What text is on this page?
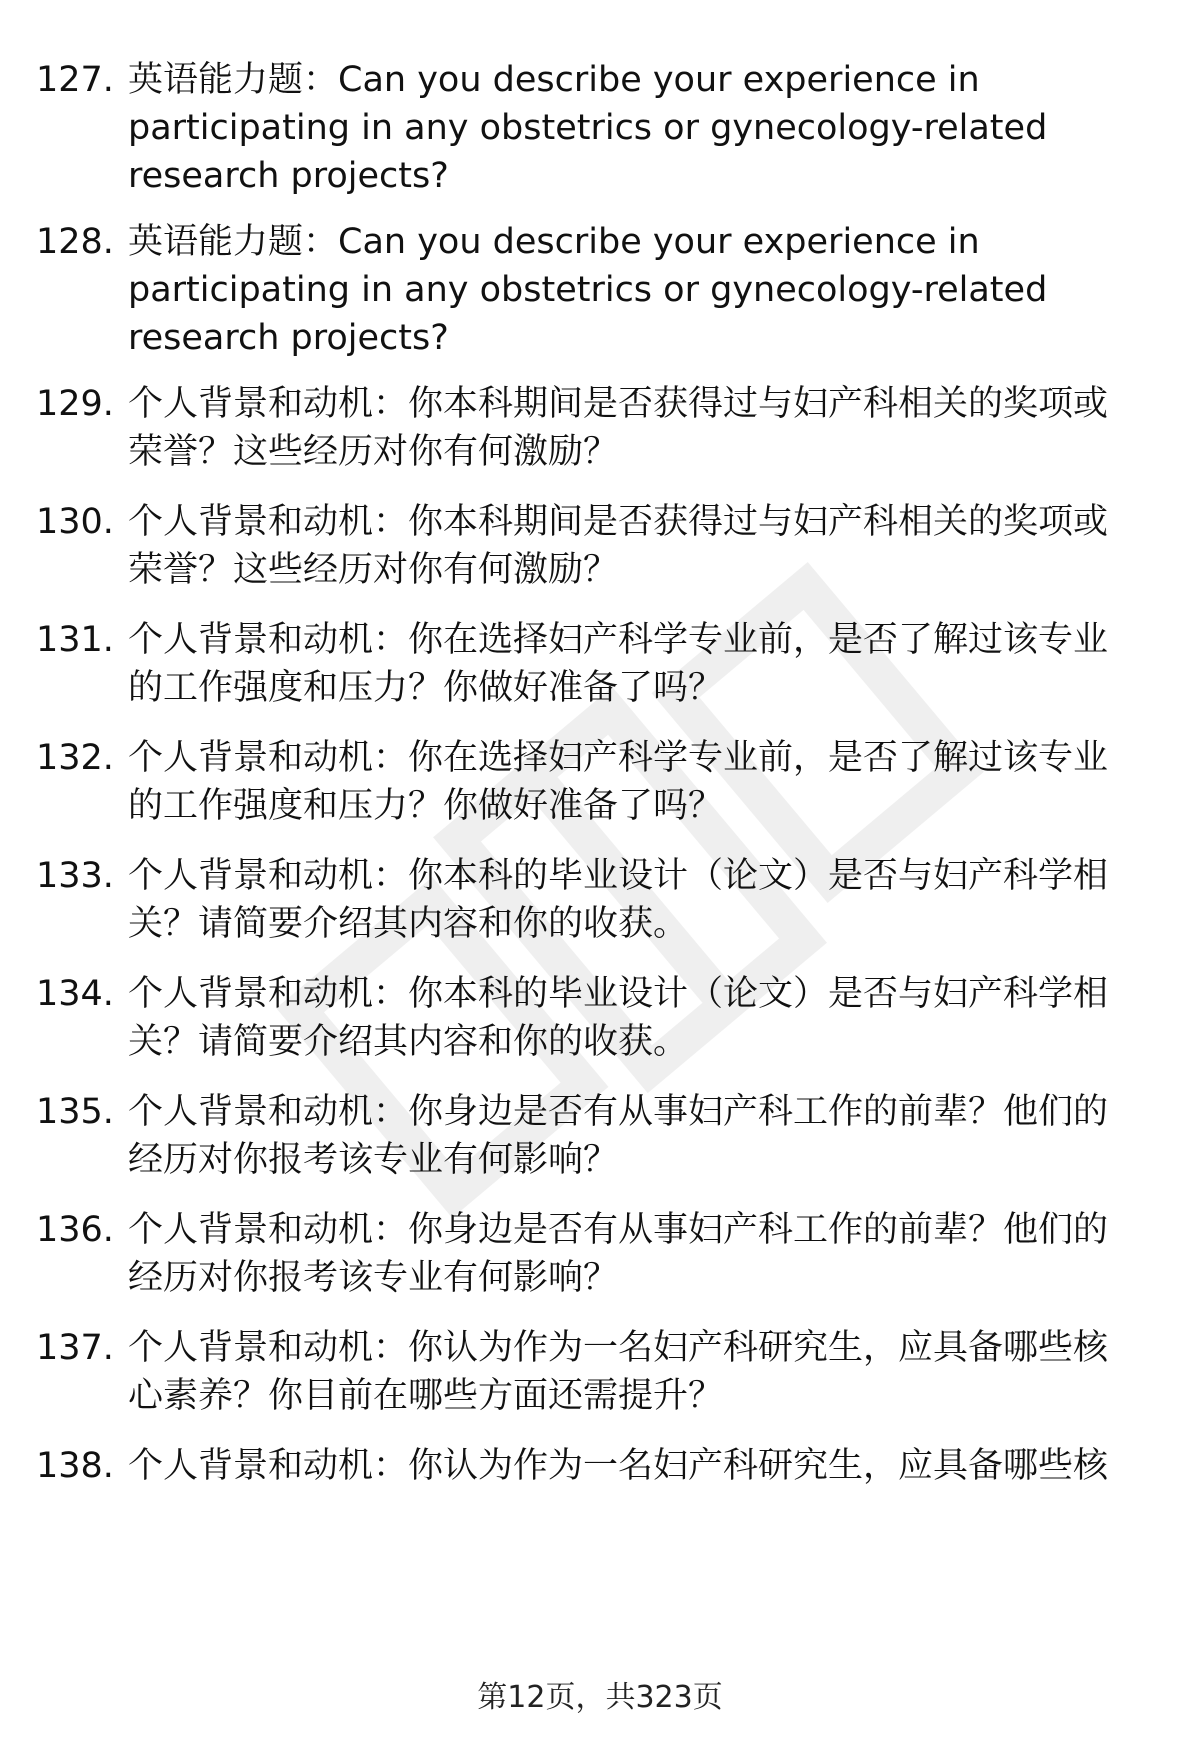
127. 英语能力题：Can you describe your experience in
participating in any obstetrics or gynecology-related
research projects?
128. 英语能力题：Can you describe your experience in
participating in any obstetrics or gynecology-related
research projects?
129. 个人背景和动机：你本科期间是否获得过与妇产科相关的奖项或
荣誉？这些经历对你有何激励？
130. 个人背景和动机：你本科期间是否获得过与妇产科相关的奖项或
荣誉？这些经历对你有何激励？
131. 个人背景和动机：你在选择妇产科学专业前，是否了解过该专业
的工作强度和压力？你做好准备了吗？
132. 个人背景和动机：你在选择妇产科学专业前，是否了解过该专业
的工作强度和压力？你做好准备了吗？
133. 个人背景和动机：你本科的毕业设计（论文）是否与妇产科学相
关？请简要介绍其内容和你的收获。
134. 个人背景和动机：你本科的毕业设计（论文）是否与妇产科学相
关？请简要介绍其内容和你的收获。
135. 个人背景和动机：你身边是否有从事妇产科工作的前辈？他们的
经历对你报考该专业有何影响？
136. 个人背景和动机：你身边是否有从事妇产科工作的前辈？他们的
经历对你报考该专业有何影响？
137. 个人背景和动机：你认为作为一名妇产科研究生，应具备哪些核
心素养？你目前在哪些方面还需提升？
138. 个人背景和动机：你认为作为一名妇产科研究生，应具备哪些核
第12页，共323页
